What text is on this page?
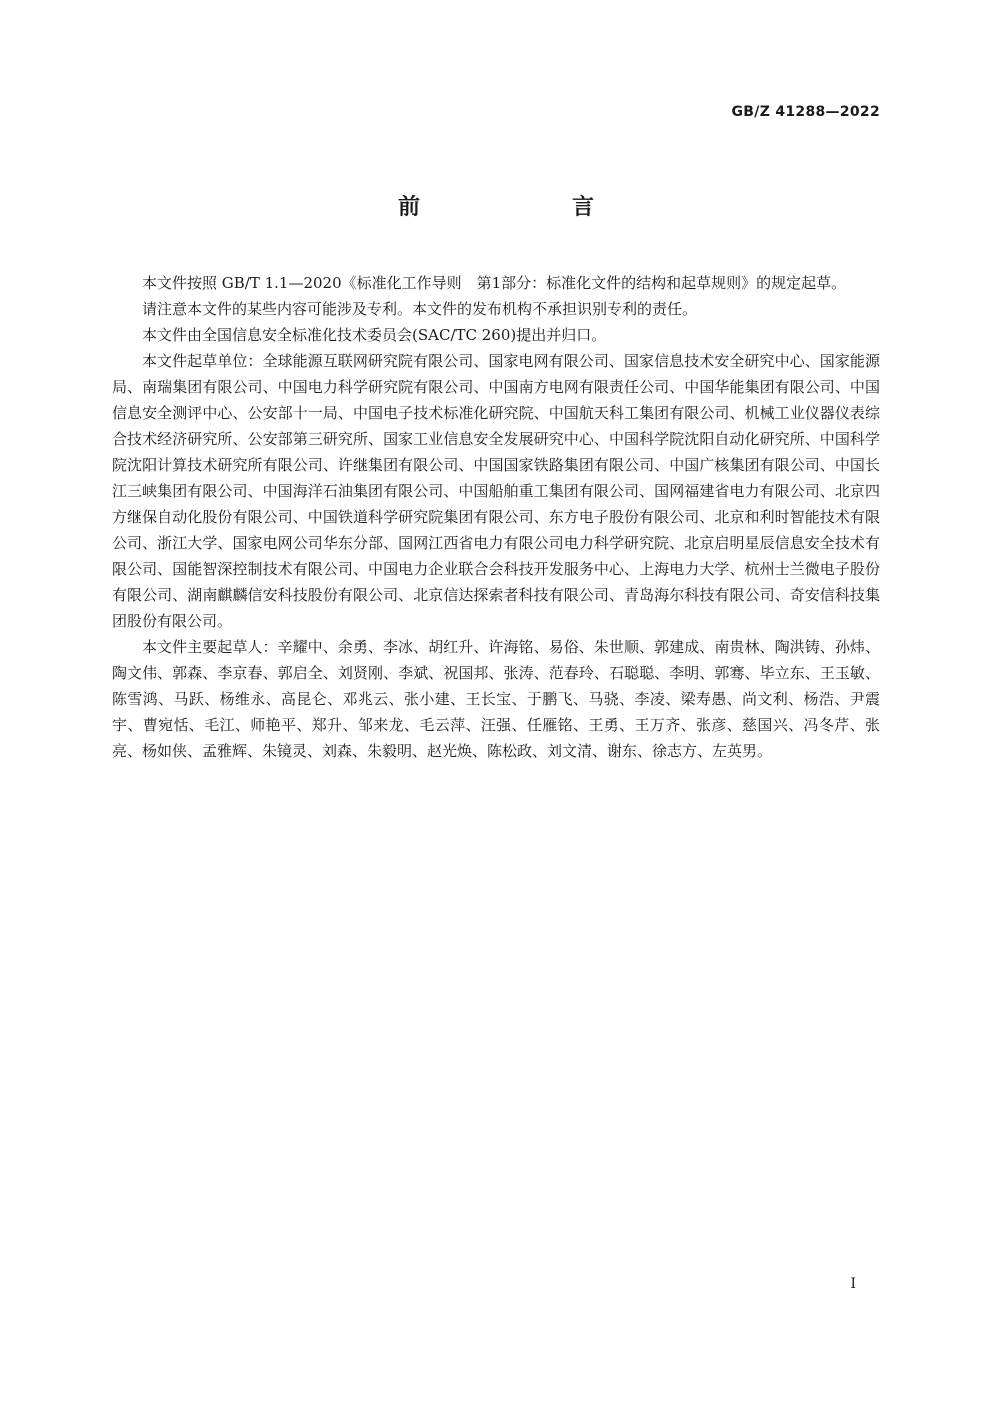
GB/Z 41288—2022
前　　言

本文件按照 GB/T 1.1—2020《标准化工作导则　第1部分：标准化文件的结构和起草规则》的规定起草。

请注意本文件的某些内容可能涉及专利。本文件的发布机构不承担识别专利的责任。

本文件由全国信息安全标准化技术委员会(SAC/TC 260)提出并归口。

本文件起草单位：全球能源互联网研究院有限公司、国家电网有限公司、国家信息技术安全研究中心、国家能源局、南瑞集团有限公司、中国电力科学研究院有限公司、中国南方电网有限责任公司、中国华能集团有限公司、中国信息安全测评中心、公安部十一局、中国电子技术标准化研究院、中国航天科工集团有限公司、机械工业仪器仪表综合技术经济研究所、公安部第三研究所、国家工业信息安全发展研究中心、中国科学院沈阳自动化研究所、中国科学院沈阳计算技术研究所有限公司、许继集团有限公司、中国国家铁路集团有限公司、中国广核集团有限公司、中国长江三峡集团有限公司、中国海洋石油集团有限公司、中国船舶重工集团有限公司、国网福建省电力有限公司、北京四方继保自动化股份有限公司、中国铁道科学研究院集团有限公司、东方电子股份有限公司、北京和利时智能技术有限公司、浙江大学、国家电网公司华东分部、国网江西省电力有限公司电力科学研究院、北京启明星辰信息安全技术有限公司、国能智深控制技术有限公司、中国电力企业联合会科技开发服务中心、上海电力大学、杭州士兰微电子股份有限公司、湖南麒麟信安科技股份有限公司、北京信达探索者科技有限公司、青岛海尔科技有限公司、奇安信科技集团股份有限公司。

本文件主要起草人：辛耀中、余勇、李冰、胡红升、许海铭、易俗、朱世顺、郭建成、南贵林、陶洪铸、孙炜、陶文伟、郭森、李京春、郭启全、刘贤刚、李斌、祝国邦、张涛、范春玲、石聪聪、李明、郭骞、毕立东、王玉敏、陈雪鸿、马跃、杨维永、高昆仑、邓兆云、张小建、王长宝、于鹏飞、马骁、李凌、梁寿愚、尚文利、杨浩、尹震宇、曹宛恬、毛江、师艳平、郑升、邹来龙、毛云萍、汪强、任雁铭、王勇、王万齐、张彦、慈国兴、冯冬芹、张亮、杨如侠、孟雅辉、朱镜灵、刘森、朱毅明、赵光焕、陈松政、刘文清、谢东、徐志方、左英男。

I
